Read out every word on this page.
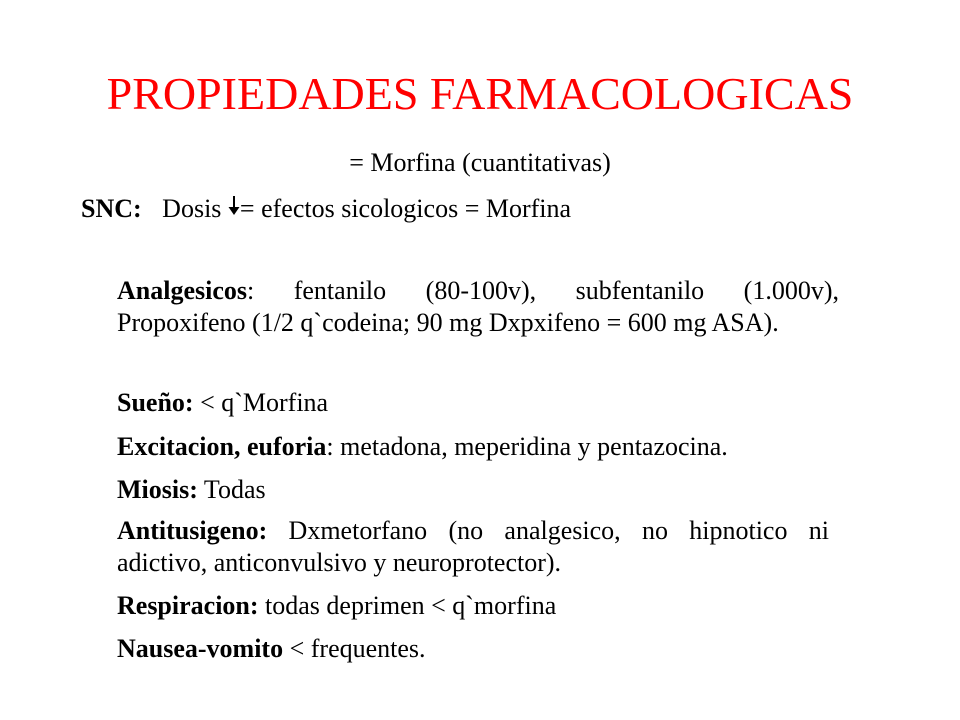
PROPIEDADES FARMACOLOGICAS
= Morfina (cuantitativas)
SNC: Dosis = efectos sicologicos = Morfina
Analgesicos: fentanilo (80-100v), subfentanilo (1.000v), Propoxifeno (1/2 q`codeina; 90 mg Dxpxifeno = 600 mg ASA).
Sueño: < q`Morfina
Excitacion, euforia: metadona, meperidina y pentazocina.
Miosis: Todas
Antitusigeno: Dxmetorfano (no analgesico, no hipnotico ni adictivo, anticonvulsivo y neuroprotector).
Respiracion: todas deprimen < q`morfina
Nausea-vomito < frequentes.
